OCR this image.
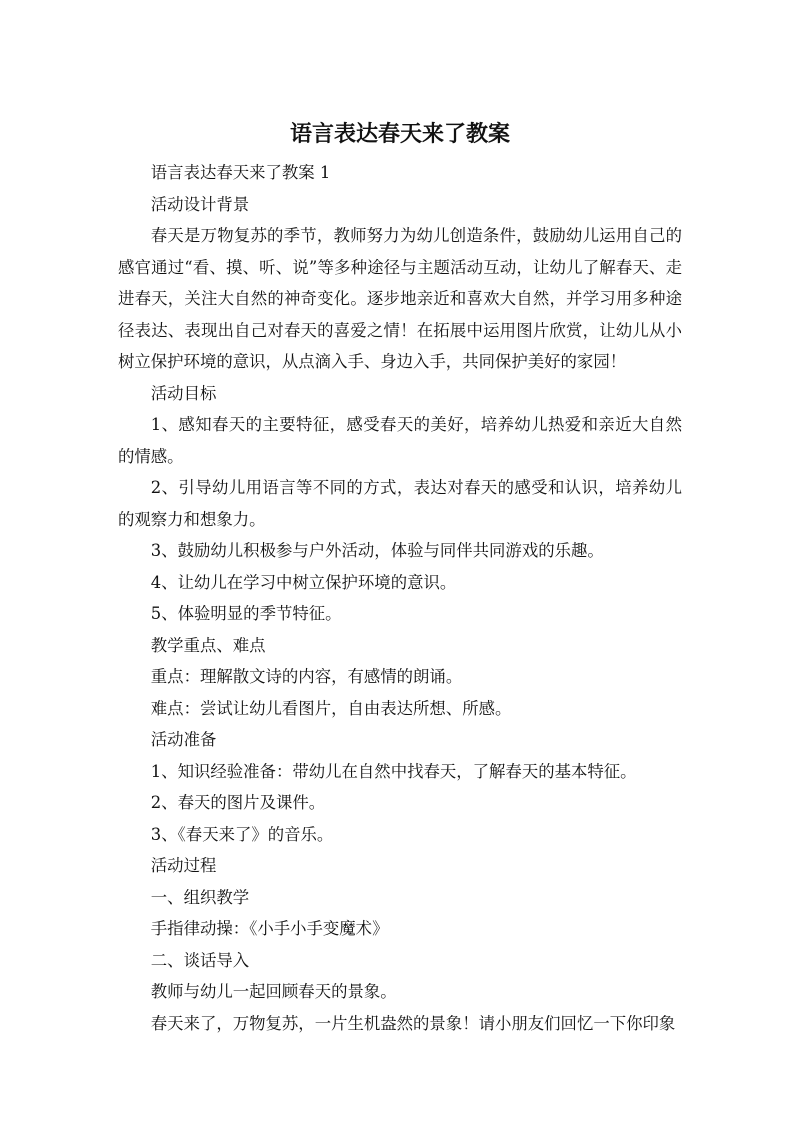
语言表达春天来了教案

语言表达春天来了教案 1

活动设计背景

春天是万物复苏的季节，教师努力为幼儿创造条件，鼓励幼儿运用自己的感官通过“看、摸、听、说”等多种途径与主题活动互动，让幼儿了解春天、走进春天，关注大自然的神奇变化。逐步地亲近和喜欢大自然，并学习用多种途径表达、表现出自己对春天的喜爱之情！在拓展中运用图片欣赏，让幼儿从小树立保护环境的意识，从点滴入手、身边入手，共同保护美好的家园！

活动目标

1、感知春天的主要特征，感受春天的美好，培养幼儿热爱和亲近大自然的情感。

2、引导幼儿用语言等不同的方式，表达对春天的感受和认识，培养幼儿的观察力和想象力。

3、鼓励幼儿积极参与户外活动，体验与同伴共同游戏的乐趣。

4、让幼儿在学习中树立保护环境的意识。

5、体验明显的季节特征。

教学重点、难点

重点：理解散文诗的内容，有感情的朗诵。

难点：尝试让幼儿看图片，自由表达所想、所感。

活动准备

1、知识经验准备：带幼儿在自然中找春天，了解春天的基本特征。

2、春天的图片及课件。

3、《春天来了》的音乐。

活动过程

一、组织教学

手指律动操：《小手小手变魔术》

二、谈话导入

教师与幼儿一起回顾春天的景象。

春天来了，万物复苏，一片生机盎然的景象！请小朋友们回忆一下你印象
